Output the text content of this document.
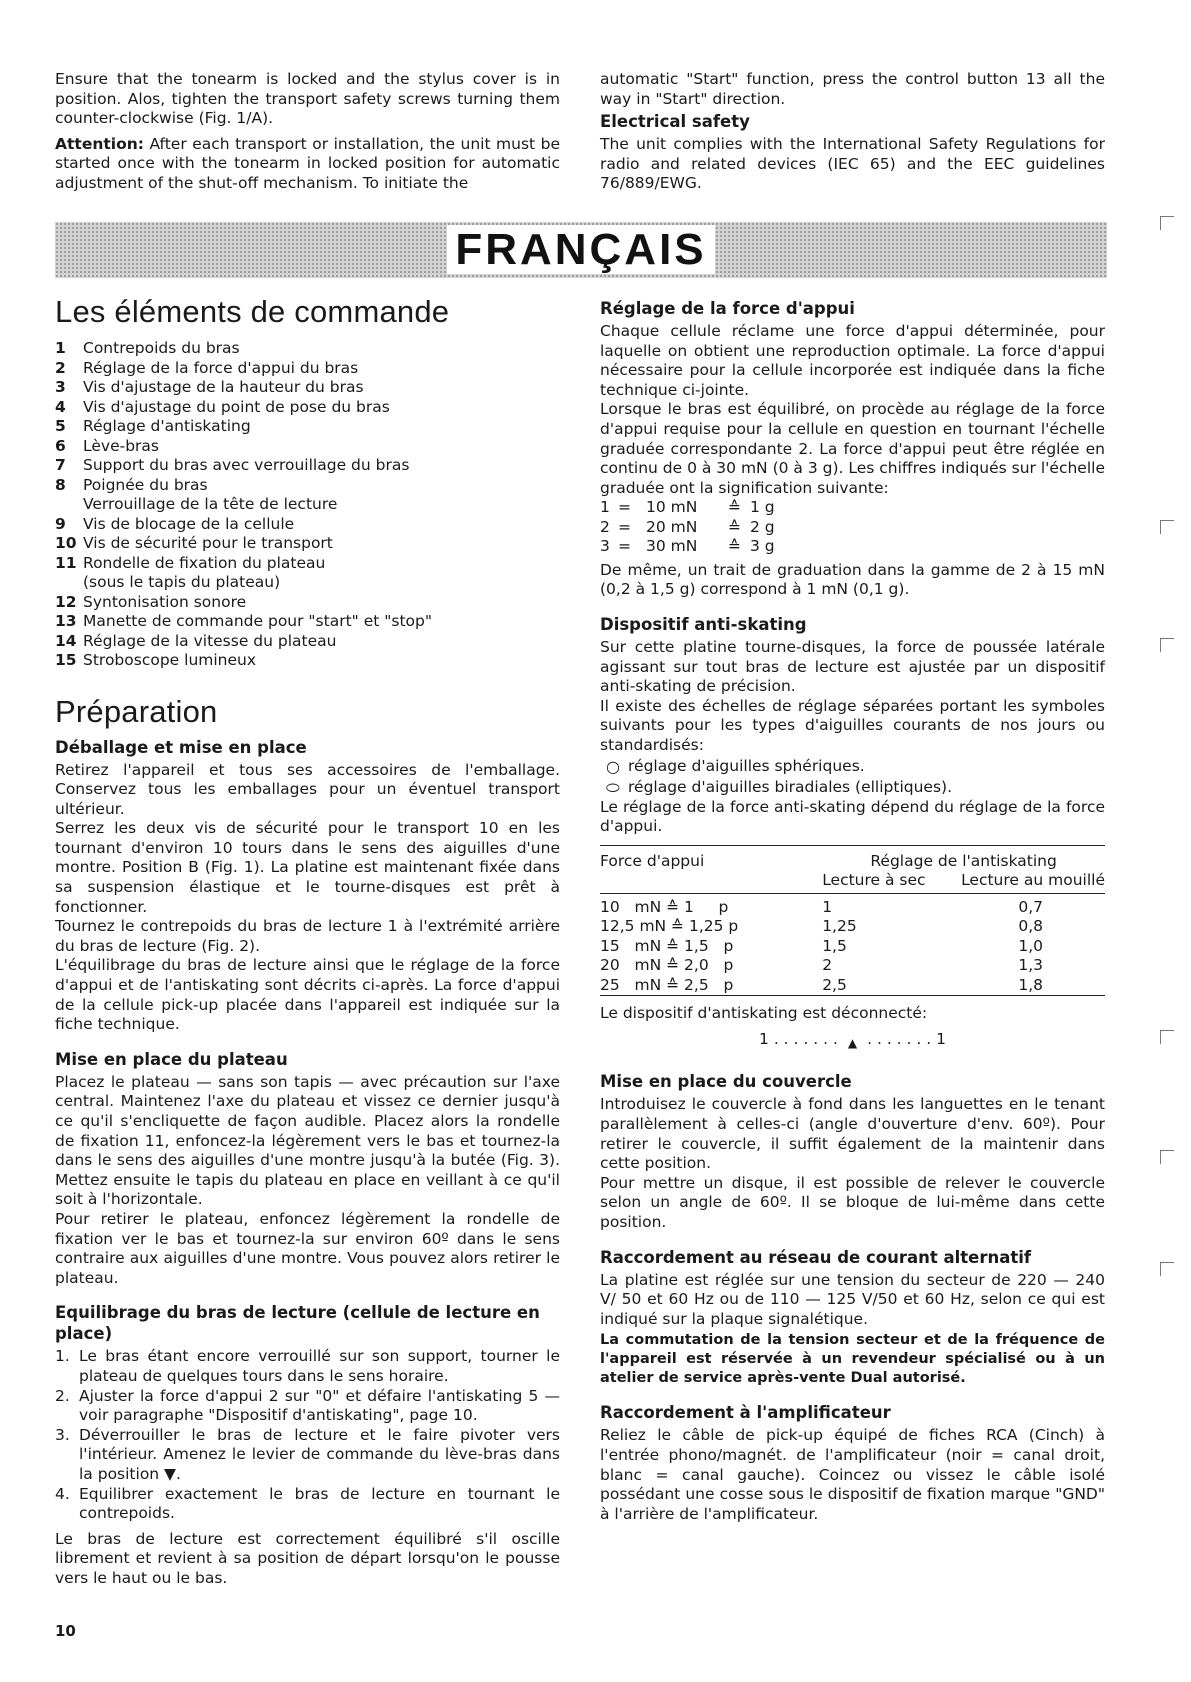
Ensure that the tonearm is locked and the stylus cover is in position. Alos, tighten the transport safety screws turning them counter-clockwise (Fig. 1/A).

Attention: After each transport or installation, the unit must be started once with the tonearm in locked position for automatic adjustment of the shut-off mechanism. To initiate the

automatic "Start" function, press the control button 13 all the way in "Start" direction.

Electrical safety

The unit complies with the International Safety Regulations for radio and related devices (IEC 65) and the EEC guidelines 76/889/EWG.

FRANÇAIS
Les éléments de commande
1	Contrepoids du bras
2	Réglage de la force d'appui du bras
3	Vis d'ajustage de la hauteur du bras
4	Vis d'ajustage du point de pose du bras
5	Réglage d'antiskating
6	Lève-bras
7	Support du bras avec verrouillage du bras
8	Poignée du bras
Verrouillage de la tête de lecture
9	Vis de blocage de la cellule
10 Vis de sécurité pour le transport
11 Rondelle de fixation du plateau
(sous le tapis du plateau)
12 Syntonisation sonore
13 Manette de commande pour "start" et "stop"
14 Réglage de la vitesse du plateau
15 Stroboscope lumineux
Préparation
Déballage et mise en place

Retirez l'appareil et tous ses accessoires de l'emballage. Conservez tous les emballages pour un éventuel transport ultérieur.

Serrez les deux vis de sécurité pour le transport 10 en les tournant d'environ 10 tours dans le sens des aiguilles d'une montre. Position B (Fig. 1). La platine est maintenant fixée dans sa suspension élastique et le tourne-disques est prêt à fonctionner.

Tournez le contrepoids du bras de lecture 1 à l'extrémité arrière du bras de lecture (Fig. 2).

L'équilibrage du bras de lecture ainsi que le réglage de la force d'appui et de l'antiskating sont décrits ci-après. La force d'appui de la cellule pick-up placée dans l'appareil est indiquée sur la fiche technique.

Mise en place du plateau

Placez le plateau — sans son tapis — avec précaution sur l'axe central. Maintenez l'axe du plateau et vissez ce dernier jusqu'à ce qu'il s'encliquette de façon audible. Placez alors la rondelle de fixation 11, enfoncez-la légèrement vers le bas et tournez-la dans le sens des aiguilles d'une montre jusqu'à la butée (Fig. 3). Mettez ensuite le tapis du plateau en place en veillant à ce qu'il soit à l'horizontale.

Pour retirer le plateau, enfoncez légèrement la rondelle de fixation ver le bas et tournez-la sur environ 60º dans le sens contraire aux aiguilles d'une montre. Vous pouvez alors retirer le plateau.

Equilibrage du bras de lecture (cellule de lecture en place)
1. Le bras étant encore verrouillé sur son support, tourner le plateau de quelques tours dans le sens horaire.
2. Ajuster la force d'appui 2 sur "0" et défaire l'antiskating 5 — voir paragraphe "Dispositif d'antiskating", page 10.
3. Déverrouiller le bras de lecture et le faire pivoter vers l'intérieur. Amenez le levier de commande du lève-bras dans la position ▼.
4. Equilibrer exactement le bras de lecture en tournant le contrepoids.

Le bras de lecture est correctement équilibré s'il oscille librement et revient à sa position de départ lorsqu'on le pousse vers le haut ou le bas.

Réglage de la force d'appui

Chaque cellule réclame une force d'appui déterminée, pour laquelle on obtient une reproduction optimale. La force d'appui nécessaire pour la cellule incorporée est indiquée dans la fiche technique ci-jointe.

Lorsque le bras est équilibré, on procède au réglage de la force d'appui requise pour la cellule en question en tournant l'échelle graduée correspondante 2. La force d'appui peut être réglée en continu de 0 à 30 mN (0 à 3 g). Les chiffres indiqués sur l'échelle graduée ont la signification suivante:

1 = 10 mN	≙ 1 g
2 = 20 mN	≙ 2 g
3 = 30 mN	≙ 3 g

De même, un trait de graduation dans la gamme de 2 à 15 mN (0,2 à 1,5 g) correspond à 1 mN (0,1 g).

Dispositif anti-skating

Sur cette platine tourne-disques, la force de poussée latérale agissant sur tout bras de lecture est ajustée par un dispositif anti-skating de précision.

Il existe des échelles de réglage séparées portant les symboles suivants pour les types d'aiguilles courants de nos jours ou standardisés:

○ réglage d'aiguilles sphériques.
⬭ réglage d'aiguilles biradiales (elliptiques).

Le réglage de la force anti-skating dépend du réglage de la force d'appui.

Force d'appui	Réglage de l'antiskating	
	Lecture à sec	Lecture au mouillé
10   mN ≙ 1     p	1	0,7
12,5 mN ≙ 1,25 p	1,25	0,8
15   mN ≙ 1,5   p	1,5	1,0
20   mN ≙ 2,0   p	2	1,3
25   mN ≙ 2,5   p	2,5	1,8

Le dispositif d'antiskating est déconnecté:

1 . . . . . . . ▲ . . . . . . . 1
Mise en place du couvercle

Introduisez le couvercle à fond dans les languettes en le tenant parallèlement à celles-ci (angle d'ouverture d'env. 60º). Pour retirer le couvercle, il suffit également de la maintenir dans cette position.

Pour mettre un disque, il est possible de relever le couvercle selon un angle de 60º. Il se bloque de lui-même dans cette position.

Raccordement au réseau de courant alternatif

La platine est réglée sur une tension du secteur de 220 — 240 V/ 50 et 60 Hz ou de 110 — 125 V/50 et 60 Hz, selon ce qui est indiqué sur la plaque signalétique.

La commutation de la tension secteur et de la fréquence de l'appareil est réservée à un revendeur spécialisé ou à un atelier de service après-vente Dual autorisé.

Raccordement à l'amplificateur

Reliez le câble de pick-up équipé de fiches RCA (Cinch) à l'entrée phono/magnét. de l'amplificateur (noir = canal droit, blanc = canal gauche). Coincez ou vissez le câble isolé possédant une cosse sous le dispositif de fixation marque "GND" à l'arrière de l'amplificateur.

10
